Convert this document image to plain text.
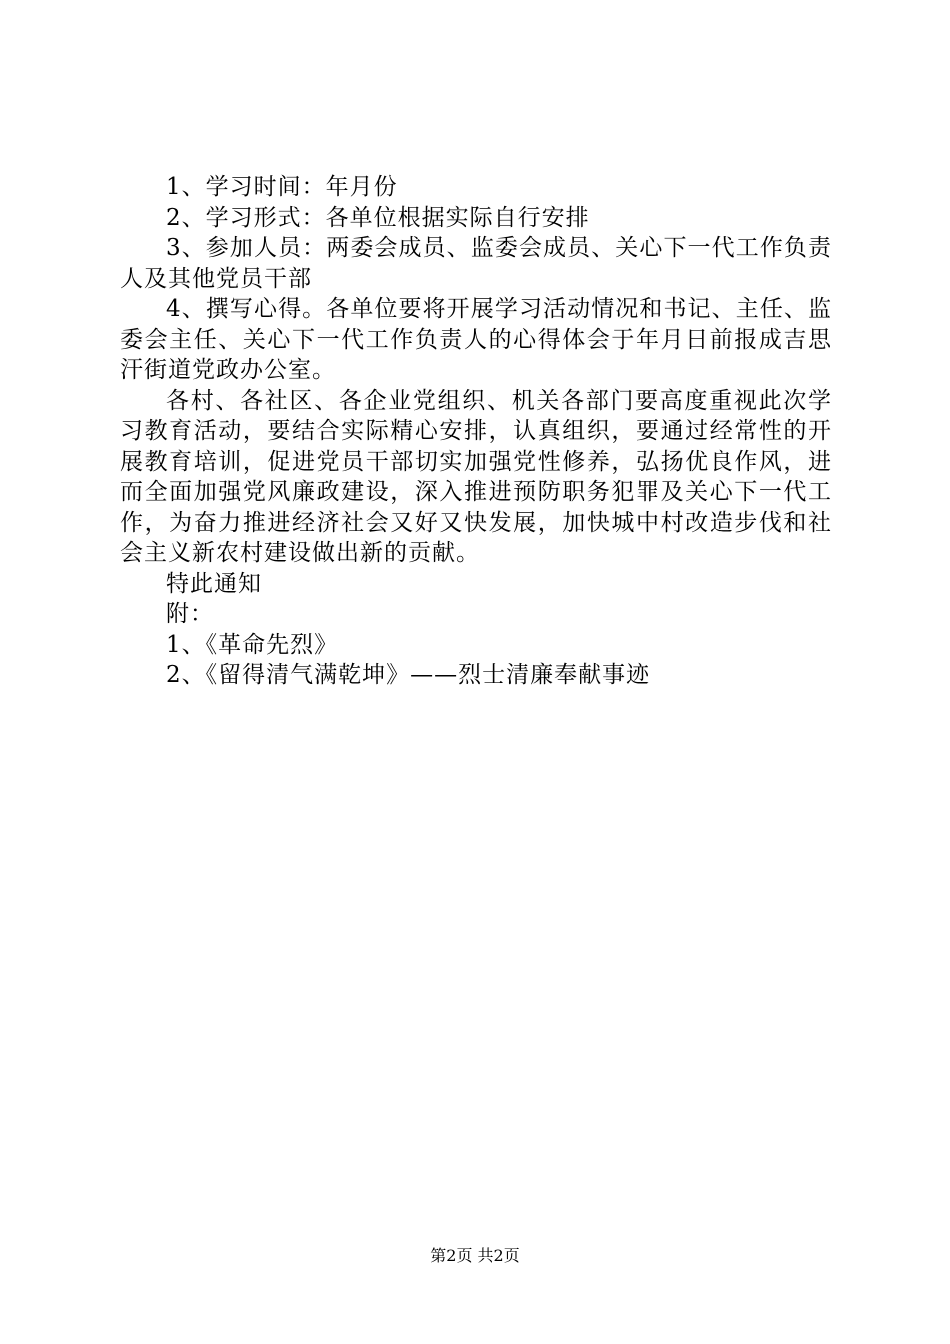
1、学习时间：年月份

2、学习形式：各单位根据实际自行安排

3、参加人员：两委会成员、监委会成员、关心下一代工作负责人及其他党员干部

4、撰写心得。各单位要将开展学习活动情况和书记、主任、监委会主任、关心下一代工作负责人的心得体会于年月日前报成吉思汗街道党政办公室。

各村、各社区、各企业党组织、机关各部门要高度重视此次学习教育活动，要结合实际精心安排，认真组织，要通过经常性的开展教育培训，促进党员干部切实加强党性修养，弘扬优良作风，进而全面加强党风廉政建设，深入推进预防职务犯罪及关心下一代工作，为奋力推进经济社会又好又快发展，加快城中村改造步伐和社会主义新农村建设做出新的贡献。

特此通知

附：

1、《革命先烈》

2、《留得清气满乾坤》——烈士清廉奉献事迹

第2页 共2页
